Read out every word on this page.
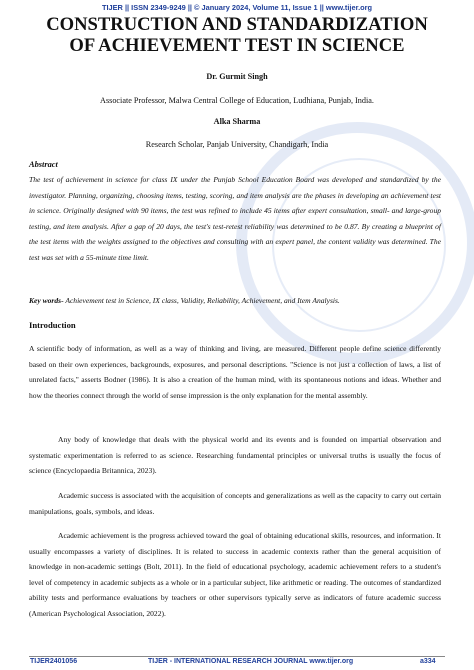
TIJER || ISSN 2349-9249 || © January 2024, Volume 11, Issue 1 || www.tijer.org
CONSTRUCTION AND STANDARDIZATION
OF ACHIEVEMENT TEST IN SCIENCE
Dr. Gurmit Singh
Associate Professor, Malwa Central College of Education, Ludhiana, Punjab, India.
Alka Sharma
Research Scholar, Panjab University, Chandigarh, India
Abstract
The test of achievement in science for class IX under the Punjab School Education Board was developed and standardized by the investigator. Planning, organizing, choosing items, testing, scoring, and item analysis are the phases in developing an achievement test in science. Originally designed with 90 items, the test was refined to include 45 items after expert consultation, small- and large-group testing, and item analysis. After a gap of 20 days, the test's test-retest reliability was determined to be 0.87. By creating a blueprint of the test items with the weights assigned to the objectives and consulting with an expert panel, the content validity was determined. The test was set with a 55-minute time limit.
Key words- Achievement test in Science, IX class, Validity, Reliability, Achievement, and Item Analysis.
Introduction
A scientific body of information, as well as a way of thinking and living, are measured. Different people define science differently based on their own experiences, backgrounds, exposures, and personal descriptions. "Science is not just a collection of laws, a list of unrelated facts," asserts Bodner (1986). It is also a creation of the human mind, with its spontaneous notions and ideas. Whether and how the theories connect through the world of sense impression is the only explanation for the mental assembly.
Any body of knowledge that deals with the physical world and its events and is founded on impartial observation and systematic experimentation is referred to as science. Researching fundamental principles or universal truths is usually the focus of science (Encyclopaedia Britannica, 2023).
Academic success is associated with the acquisition of concepts and generalizations as well as the capacity to carry out certain manipulations, goals, symbols, and ideas.
Academic achievement is the progress achieved toward the goal of obtaining educational skills, resources, and information. It usually encompasses a variety of disciplines. It is related to success in academic contexts rather than the general acquisition of knowledge in non-academic settings (Bolt, 2011). In the field of educational psychology, academic achievement refers to a student's level of competency in academic subjects as a whole or in a particular subject, like arithmetic or reading. The outcomes of standardized ability tests and performance evaluations by teachers or other supervisors typically serve as indicators of future academic success (American Psychological Association, 2022).
TIJER2401056	TIJER - INTERNATIONAL RESEARCH JOURNAL www.tijer.org	a334
